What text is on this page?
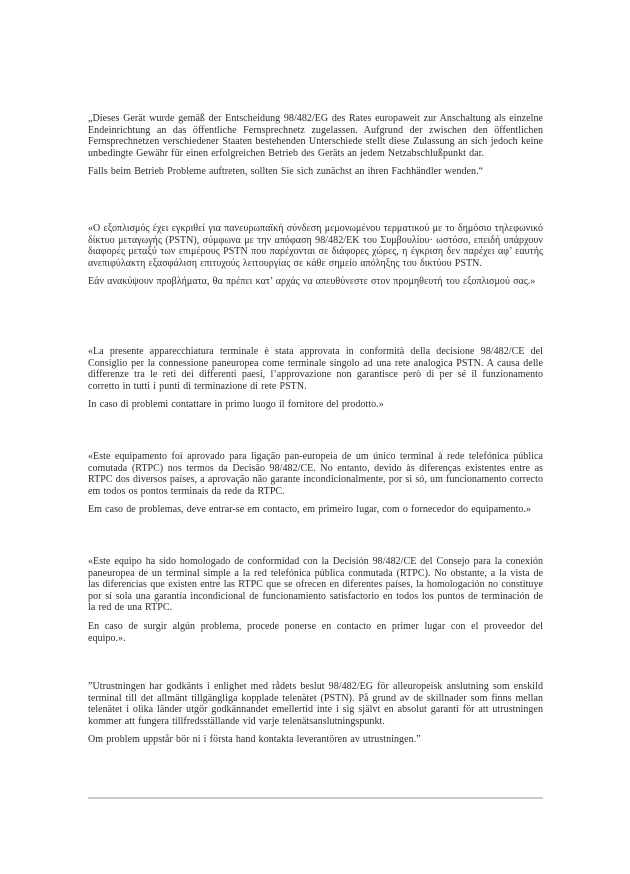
„Dieses Gerät wurde gemäß der Entscheidung 98/482/EG des Rates europaweit zur Anschaltung als einzelne Endeinrichtung an das öffentliche Fernsprechnetz zugelassen. Aufgrund der zwischen den öffentlichen Fernsprechnetzen verschiedener Staaten bestehenden Unterschiede stellt diese Zulassung an sich jedoch keine unbedingte Gewähr für einen erfolgreichen Betrieb des Geräts an jedem Netzabschlußpunkt dar.

Falls beim Betrieb Probleme auftreten, sollten Sie sich zunächst an ihren Fachhändler wenden.“

«Ο εξοπλισμός έχει εγκριθεί για πανευρωπαϊκή σύνδεση μεμονωμένου τερματικού με το δημόσιο τηλεφωνικό δίκτυο μεταγωγής (PSTN), σύμφωνα με την απόφαση 98/482/ΕΚ του Συμβουλίου· ωστόσο, επειδή υπάρχουν διαφορές μεταξύ των επιμέρους PSTN που παρέχονται σε διάφορες χώρες, η έγκριση δεν παρέχει αφ’ εαυτής ανεπιφύλακτη εξασφάλιση επιτυχούς λειτουργίας σε κάθε σημείο απόληξης του δικτύου PSTN.

Εάν ανακύψουν προβλήματα, θα πρέπει κατ’ αρχάς να απευθύνεστε στον προμηθευτή του εξοπλισμού σας.»

«La presente apparecchiatura terminale è stata approvata in conformità della decisione 98/482/CE del Consiglio per la connessione paneuropea come terminale singolo ad una rete analogica PSTN. A causa delle differenze tra le reti dei differenti paesi, l’approvazione non garantisce però di per sé il funzionamento corretto in tutti i punti di terminazione di rete PSTN.

In caso di problemi contattare in primo luogo il fornitore del prodotto.»

«Este equipamento foi aprovado para ligação pan-europeia de um único terminal à rede telefónica pública comutada (RTPC) nos termos da Decisão 98/482/CE. No entanto, devido às diferenças existentes entre as RTPC dos diversos países, a aprovação não garante incondicionalmente, por si só, um funcionamento correcto em todos os pontos terminais da rede da RTPC.

Em caso de problemas, deve entrar-se em contacto, em primeiro lugar, com o fornecedor do equipamento.»

«Este equipo ha sido homologado de conformidad con la Decisión 98/482/CE del Consejo para la conexión paneuropea de un terminal simple a la red telefónica pública conmutada (RTPC). No obstante, a la vista de las diferencias que existen entre las RTPC que se ofrecen en diferentes países, la homologación no constituye por sí sola una garantía incondicional de funcionamiento satisfactorio en todos los puntos de terminación de la red de una RTPC.

En caso de surgir algún problema, procede ponerse en contacto en primer lugar con el proveedor del equipo.».

”Utrustningen har godkänts i enlighet med rådets beslut 98/482/EG för alleuropeisk anslutning som enskild terminal till det allmänt tillgängliga kopplade telenätet (PSTN). På grund av de skillnader som finns mellan telenätet i olika länder utgör godkännandet emellertid inte i sig självt en absolut garanti för att utrustningen kommer att fungera tillfredsställande vid varje telenätsanslutningspunkt.

Om problem uppstår bör ni i första hand kontakta leverantören av utrustningen.”
